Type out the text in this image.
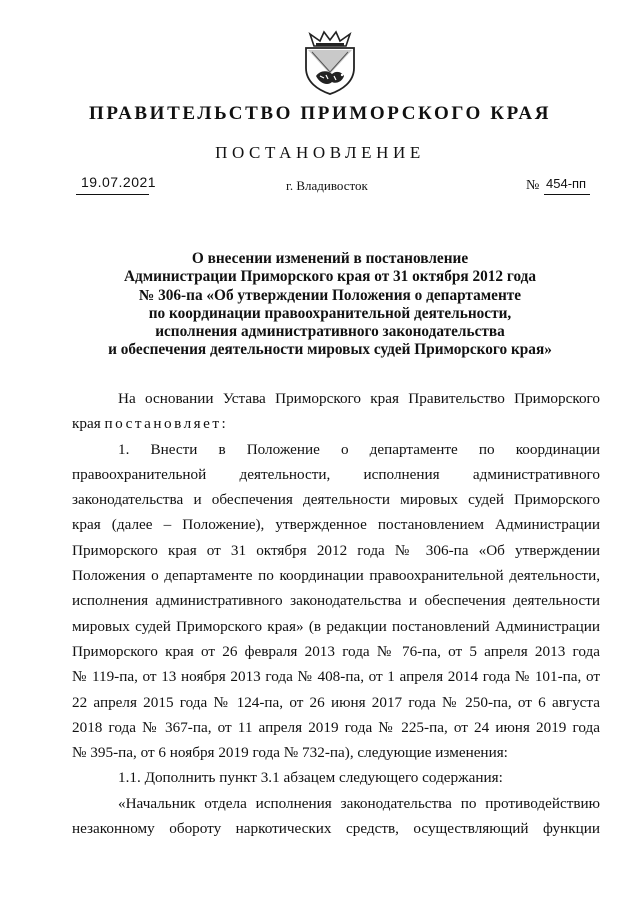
ПРАВИТЕЛЬСТВО ПРИМОРСКОГО КРАЯ
ПОСТАНОВЛЕНИЕ
19.07.2021	г. Владивосток	№ 454-пп
О внесении изменений в постановление
Администрации Приморского края от 31 октября 2012 года
№ 306-па «Об утверждении Положения о департаменте
по координации правоохранительной деятельности,
исполнения административного законодательства
и обеспечения деятельности мировых судей Приморского края»
На основании Устава Приморского края Правительство Приморского
края постановляет:
1. Внести в Положение о департаменте по координации
правоохранительной деятельности, исполнения административного
законодательства и обеспечения деятельности мировых судей Приморского
края (далее – Положение), утвержденное постановлением Администрации
Приморского края от 31 октября 2012 года № 306-па «Об утверждении
Положения о департаменте по координации правоохранительной деятельности,
исполнения административного законодательства и обеспечения деятельности
мировых судей Приморского края» (в редакции постановлений Администрации
Приморского края от 26 февраля 2013 года № 76-па, от 5 апреля 2013 года
№ 119-па, от 13 ноября 2013 года № 408-па, от 1 апреля 2014 года № 101-па, от
22 апреля 2015 года № 124-па, от 26 июня 2017 года № 250-па, от 6 августа
2018 года № 367-па, от 11 апреля 2019 года № 225-па, от 24 июня 2019 года
№ 395-па, от 6 ноября 2019 года № 732-па), следующие изменения:
1.1. Дополнить пункт 3.1 абзацем следующего содержания:
«Начальник отдела исполнения законодательства по противодействию
незаконному обороту наркотических средств, осуществляющий функции
